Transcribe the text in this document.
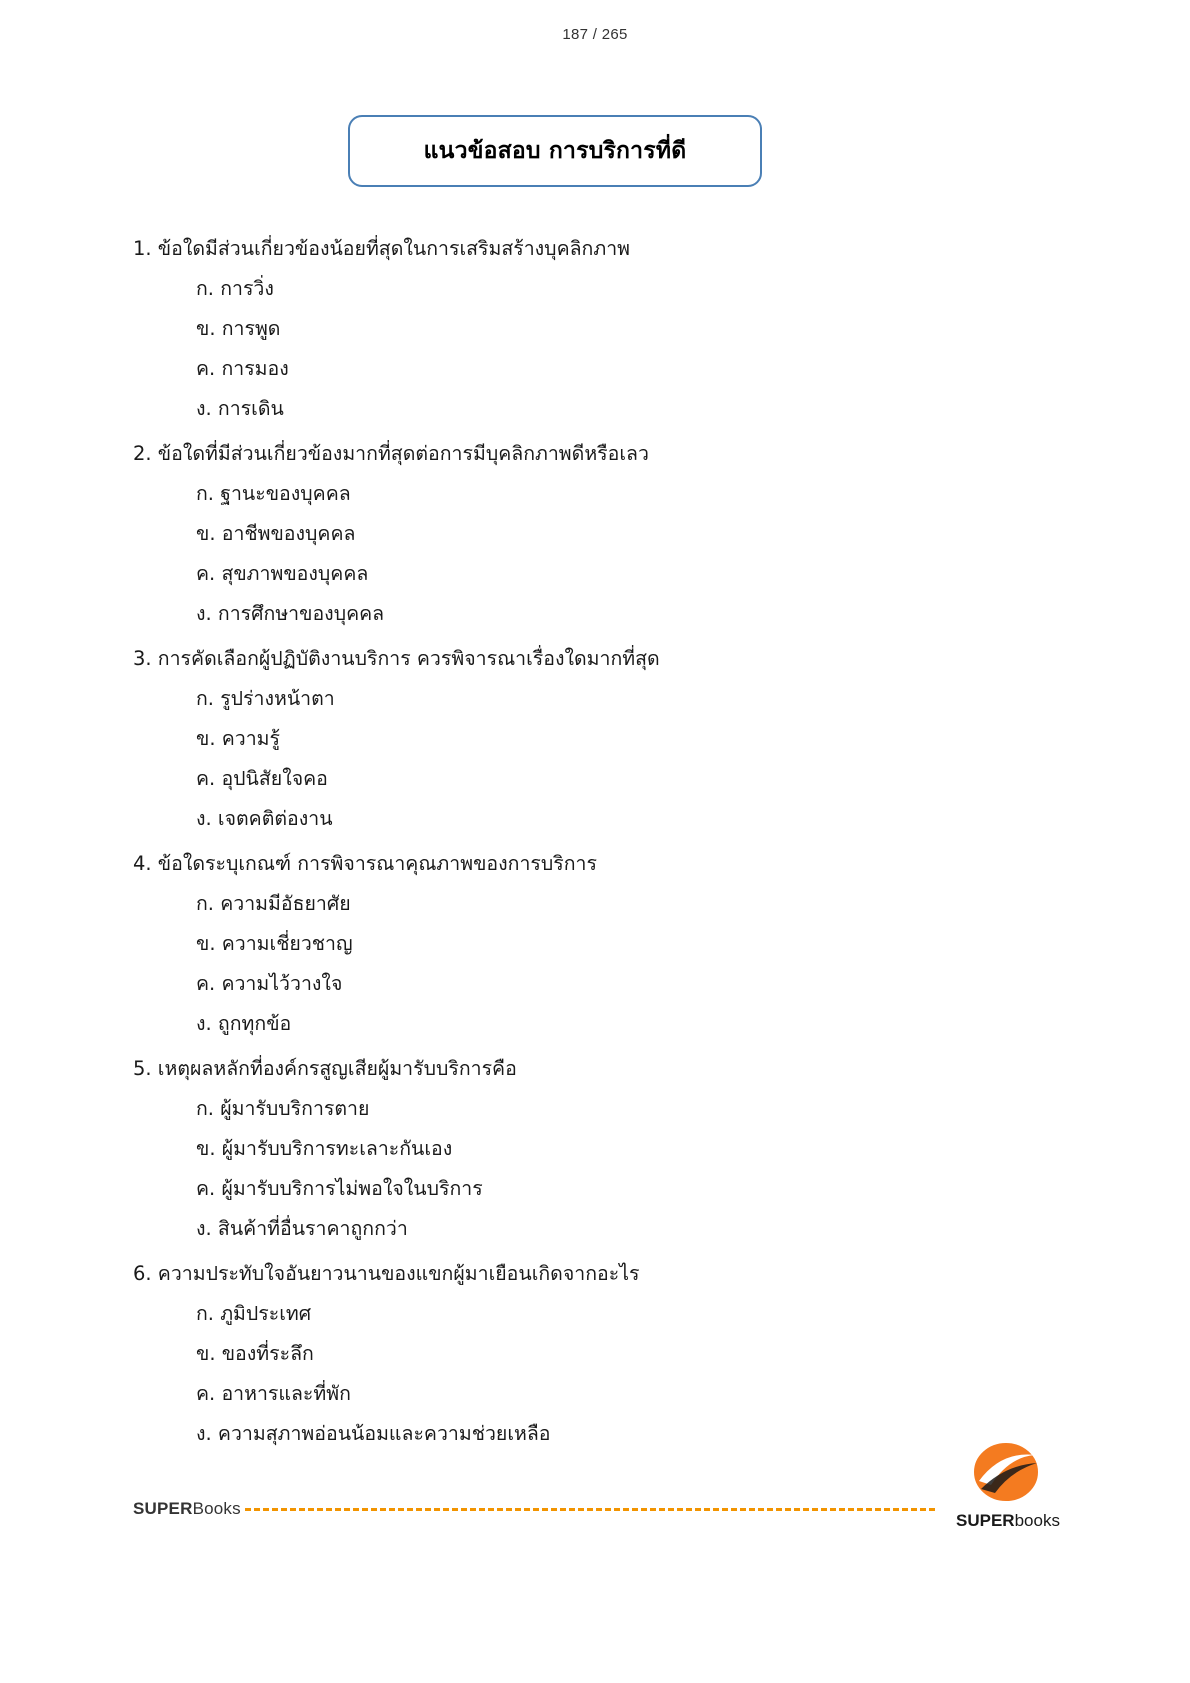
187 / 265
แนวข้อสอบ การบริการที่ดี
1. ข้อใดมีส่วนเกี่ยวข้องน้อยที่สุดในการเสริมสร้างบุคลิกภาพ
ก. การวิ่ง
ข. การพูด
ค. การมอง
ง. การเดิน
2. ข้อใดที่มีส่วนเกี่ยวข้องมากที่สุดต่อการมีบุคลิกภาพดีหรือเลว
ก. ฐานะของบุคคล
ข. อาชีพของบุคคล
ค. สุขภาพของบุคคล
ง. การศึกษาของบุคคล
3. การคัดเลือกผู้ปฏิบัติงานบริการ ควรพิจารณาเรื่องใดมากที่สุด
ก. รูปร่างหน้าตา
ข. ความรู้
ค. อุปนิสัยใจคอ
ง. เจตคติต่องาน
4. ข้อใดระบุเกณฑ์ การพิจารณาคุณภาพของการบริการ
ก. ความมีอัธยาศัย
ข. ความเชี่ยวชาญ
ค. ความไว้วางใจ
ง. ถูกทุกข้อ
5. เหตุผลหลักที่องค์กรสูญเสียผู้มารับบริการคือ
ก. ผู้มารับบริการตาย
ข. ผู้มารับบริการทะเลาะกันเอง
ค. ผู้มารับบริการไม่พอใจในบริการ
ง. สินค้าที่อื่นราคาถูกกว่า
6. ความประทับใจอันยาวนานของแขกผู้มาเยือนเกิดจากอะไร
ก. ภูมิประเทศ
ข. ของที่ระลึก
ค. อาหารและที่พัก
ง. ความสุภาพอ่อนน้อมและความช่วยเหลือ
SUPERBooks
SUPERbooks
